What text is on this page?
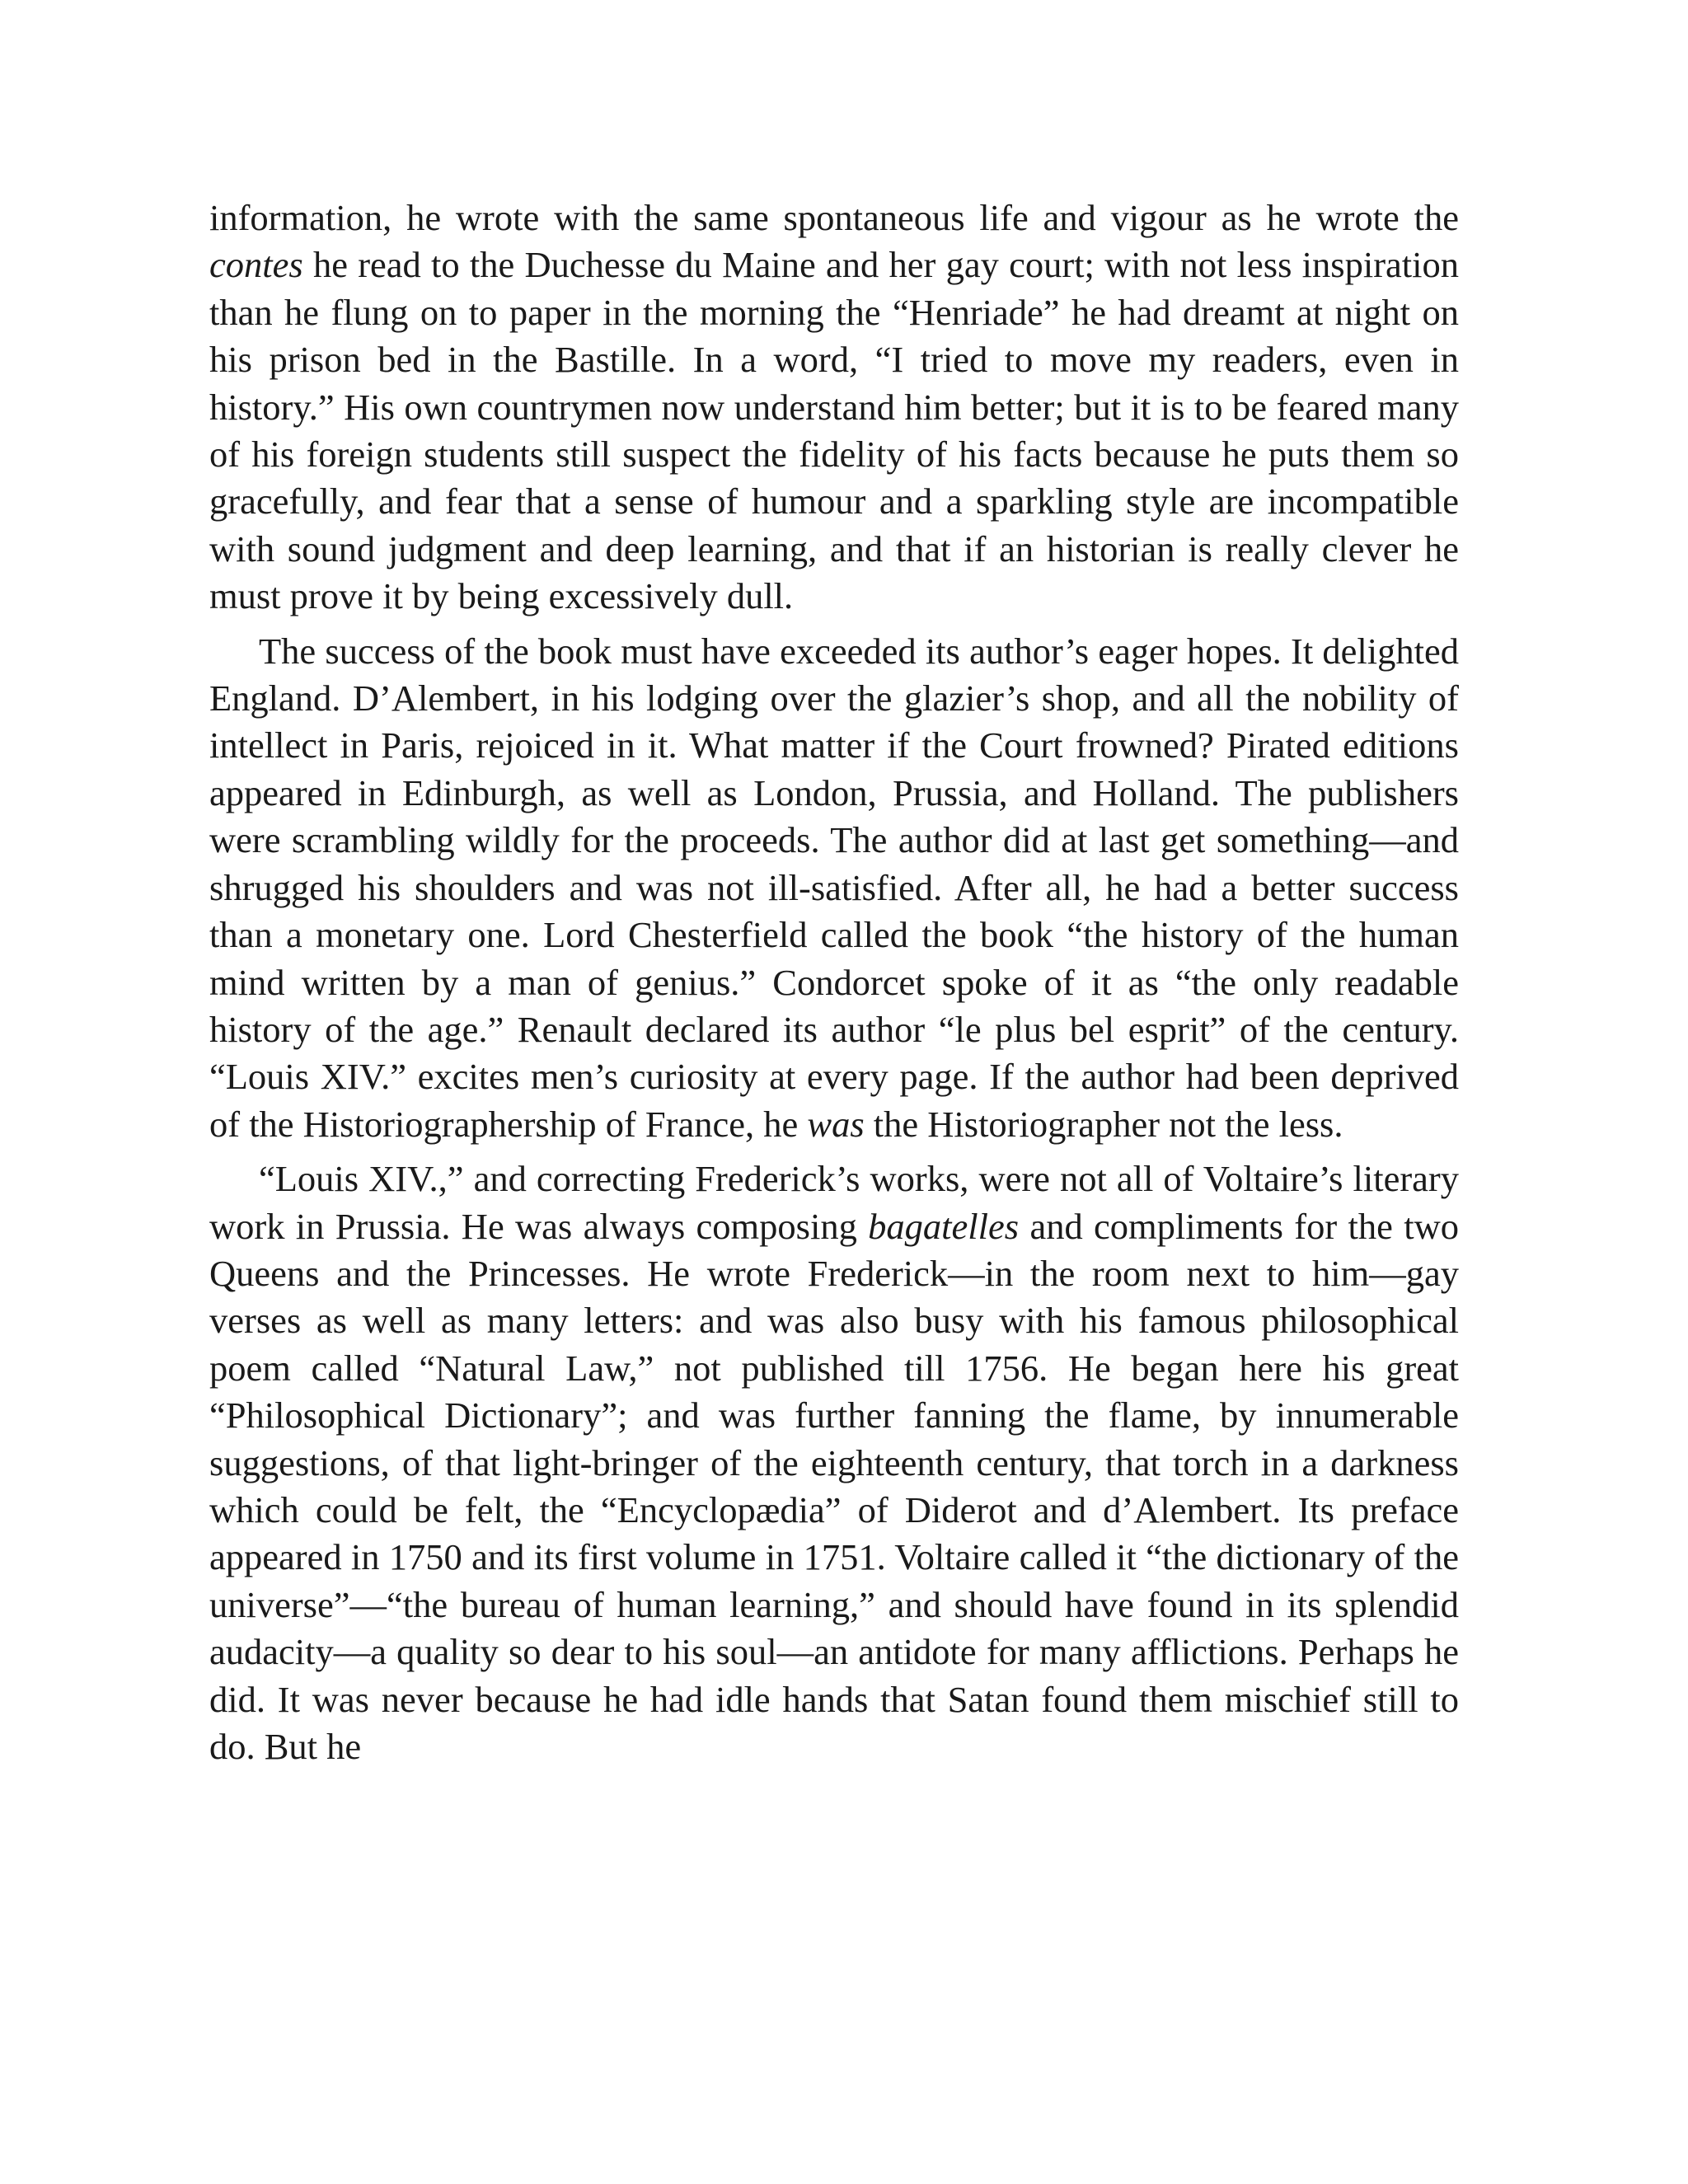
information, he wrote with the same spontaneous life and vigour as he wrote the contes he read to the Duchesse du Maine and her gay court; with not less inspiration than he flung on to paper in the morning the “Henriade” he had dreamt at night on his prison bed in the Bastille. In a word, “I tried to move my readers, even in history.” His own countrymen now understand him better; but it is to be feared many of his foreign students still suspect the fidelity of his facts because he puts them so gracefully, and fear that a sense of humour and a sparkling style are incompatible with sound judgment and deep learning, and that if an historian is really clever he must prove it by being excessively dull.

The success of the book must have exceeded its author’s eager hopes. It delighted England. D’Alembert, in his lodging over the glazier’s shop, and all the nobility of intellect in Paris, rejoiced in it. What matter if the Court frowned? Pirated editions appeared in Edinburgh, as well as London, Prussia, and Holland. The publishers were scrambling wildly for the proceeds. The author did at last get something—and shrugged his shoulders and was not ill-satisfied. After all, he had a better success than a monetary one. Lord Chesterfield called the book “the history of the human mind written by a man of genius.” Condorcet spoke of it as “the only readable history of the age.” Renault declared its author “le plus bel esprit” of the century. “Louis XIV.” excites men’s curiosity at every page. If the author had been deprived of the Historiographership of France, he was the Historiographer not the less.

“Louis XIV.,” and correcting Frederick’s works, were not all of Voltaire’s literary work in Prussia. He was always composing bagatelles and compliments for the two Queens and the Princesses. He wrote Frederick—in the room next to him—gay verses as well as many letters: and was also busy with his famous philosophical poem called “Natural Law,” not published till 1756. He began here his great “Philosophical Dictionary”; and was further fanning the flame, by innumerable suggestions, of that light-bringer of the eighteenth century, that torch in a darkness which could be felt, the “Encyclopædia” of Diderot and d’Alembert. Its preface appeared in 1750 and its first volume in 1751. Voltaire called it “the dictionary of the universe”—“the bureau of human learning,” and should have found in its splendid audacity—a quality so dear to his soul—an antidote for many afflictions. Perhaps he did. It was never because he had idle hands that Satan found them mischief still to do. But he
